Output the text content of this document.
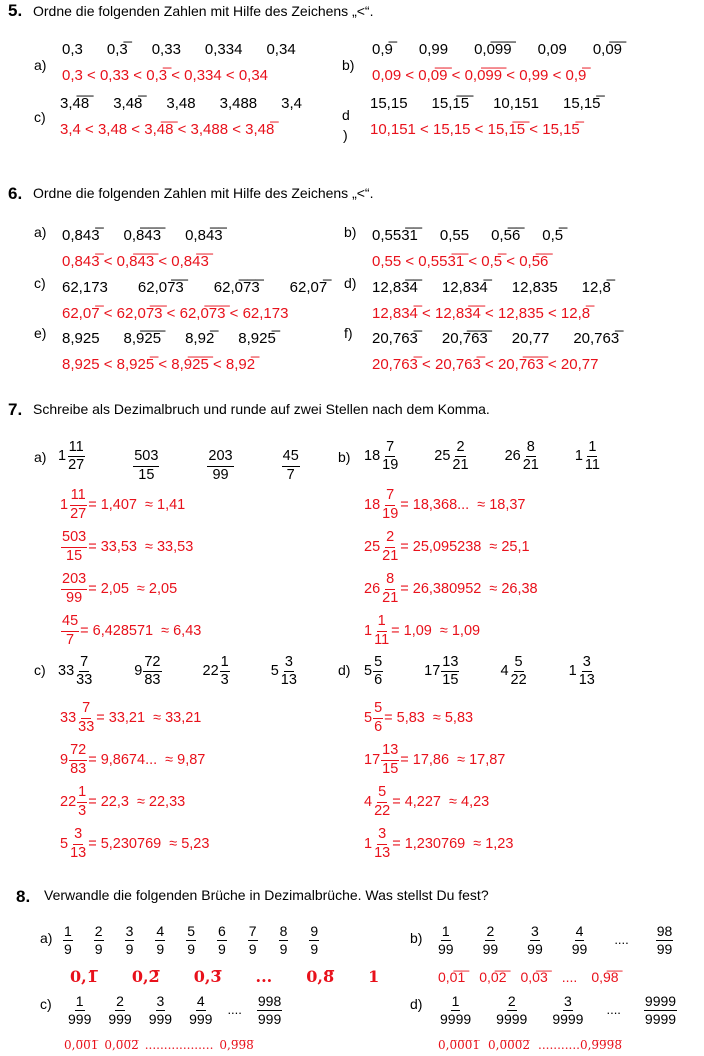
5. Ordne die folgenden Zahlen mit Hilfe des Zeichens „<“.
a)
0,3 0,3̅ 0,33 0,334 0,34
0,3 < 0,33 < 0,3̅ < 0,334 < 0,34
b)
0,9̅ 0,99 0,0̅9̅9̅ 0,09 0,0̅9̅
0,09 < 0,0̅9̅ < 0,0̅9̅9̅ < 0,99 < 0,9̅
c)
3,4̅8̅ 3,48̅ 3,48 3,488 3,4
3,4 < 3,48 < 3,4̅8̅ < 3,488 < 3,48̅
d
)
15,15 15,1̅5̅ 10,151 15,15̅
10,151 < 15,15 < 15,1̅5̅ < 15,15̅
6. Ordne die folgenden Zahlen mit Hilfe des Zeichens „<“.
a) 0,843̅ 0,8̅4̅3̅ 0,84̅3̅
0,843̅ < 0,8̅4̅3̅ < 0,84̅3̅
b) 0,553̅1̅ 0,55 0,5̅6̅ 0,5̅
0,55 < 0,553̅1̅ < 0,5̅ < 0,5̅6̅
c) 62,173 62,07̅3̅ 62,0̅7̅3̅ 62,07̅
62,07̅ < 62,07̅3̅ < 62,0̅7̅3̅ < 62,173
d) 12,83̅4̅ 12,834̅ 12,835 12,8̅
12,834̅ < 12,83̅4̅ < 12,835 < 12,8̅
e) 8,925 8,9̅2̅5̅ 8,92̅ 8,925̅
8,925 < 8,925̅ < 8,9̅2̅5̅ < 8,92̅
f) 20,763̅ 20,7̅6̅3̅ 20,77 20,763̅
20,763̅ < 20,763̅ < 20,7̅6̅3̅ < 20,77
7. Schreibe als Dezimalbruch und runde auf zwei Stellen nach dem Komma.
a) $1 \frac{11}{27}$	$\frac{503}{15}$	$\frac{203}{99}$	$\frac{45}{7}$
$1 \frac{11}{27} = 1,407 \approx 1,41$
$\frac{503}{15} = 33,53 \approx 33,53$
$\frac{203}{99} = 2,05 \approx 2,05$
$\frac{45}{7} = 6,428571 \approx 6,43$
b) $18 \frac{7}{19} 25 \frac{2}{21} 26 \frac{8}{21} 1 \frac{1}{11}$
$18 \frac{7}{19} = 18,368$... ≈ 18,37
$25 \frac{2}{21} = 25,095238 \approx 25,1$
$26 \frac{8}{21} = 26,380952 \approx 26,38$
$1 \frac{1}{11} = 1,09 \approx 1,09$
c) $33 \frac{7}{33}$	$9 \frac{72}{83}$	$22 \frac{1}{3}$	$5 \frac{3}{13}$
$33 \frac{7}{33} = 33,21 \approx 33,21$
$9 \frac{72}{83} = 9,8674$... ≈ 9,87
$22 \frac{1}{3} = 22,3 \approx 22,33$
$5 \frac{3}{13} = 5,230769 \approx 5,23$
d) $5 \frac{5}{6}$	$17 \frac{13}{15}$	$4 \frac{5}{22}$	$1 \frac{3}{13}$
$5 \frac{5}{6} = 5,83 \approx 5,83$
$17 \frac{13}{15} = 17,86 \approx 17,87$
$4 \frac{5}{22} = 4,227 \approx 4,23$
$1 \frac{3}{13} = 1,230769 \approx 1,23$
8. Verwandle die folgenden Brüche in Dezimalbrüche. Was stellst Du fest?
$a) \frac{1}{9} \frac{2}{9} \frac{3}{9} \frac{4}{9} \frac{5}{9} \frac{6}{9} \frac{7}{9} \frac{8}{9} \frac{9}{9}$
0,1̅ 0,2̅ 0,3̅ ... 0,8̅ 1
$b) \frac{1}{99} \frac{2}{99} \frac{3}{99} \frac{4}{99}$ .... $\frac{98}{99}$
0,0̅1̅ 0,0̅2̅ 0,0̅3̅ .... 0,9̅8̅
$c) \frac{1}{999} \frac{2}{999} \frac{3}{999} \frac{4}{999}$ .... $\frac{998}{999}$
0,0̅0̅1̅ 0,0̅0̅2̅ .................. 0,9̅9̅8̅
$d) \frac{1}{9999} \frac{2}{9999} \frac{3}{9999}$ .... $\frac{9999}{9999}$
0,0̅0̅0̅1̅ 0,0̅0̅0̅2̅ ...........0,9̅9̅9̅8̅
